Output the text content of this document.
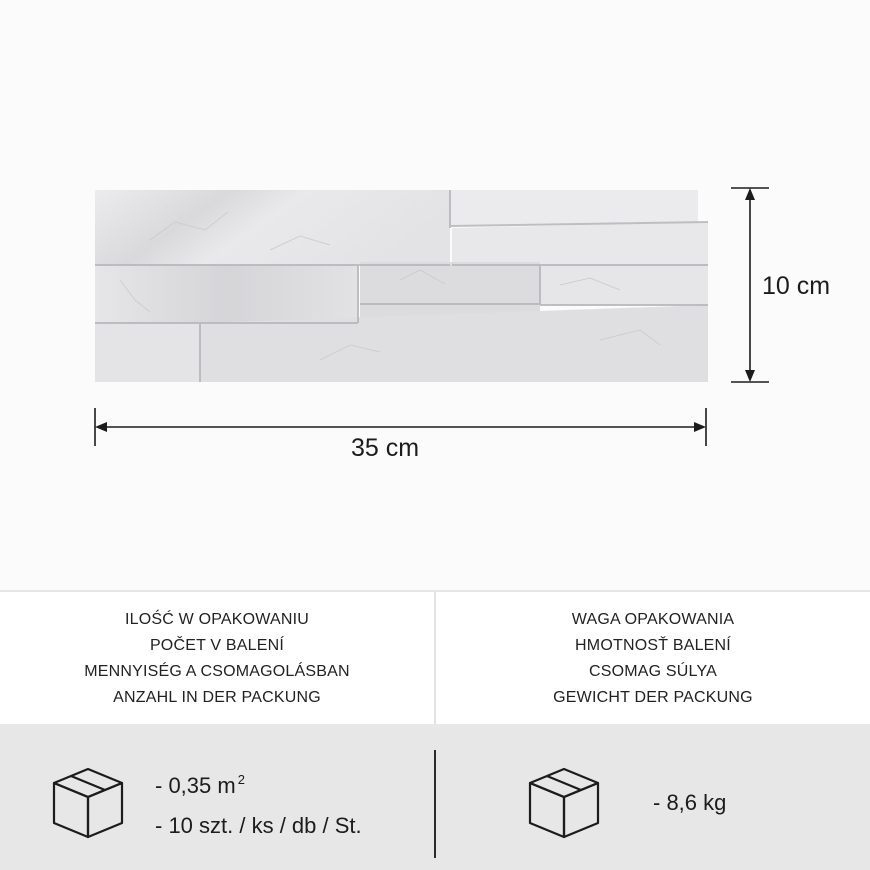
35 cm
10 cm
ILOŚĆ W OPAKOWANIU
POČET V BALENÍ
MENNYISÉG A CSOMAGOLÁSBAN
ANZAHL IN DER PACKUNG
WAGA OPAKOWANIA
HMOTNOSŤ BALENÍ
CSOMAG SÚLYA
GEWICHT DER PACKUNG
- 0,35 m $^2$
- 10 szt. / ks / db / St.
- 8,6 kg
